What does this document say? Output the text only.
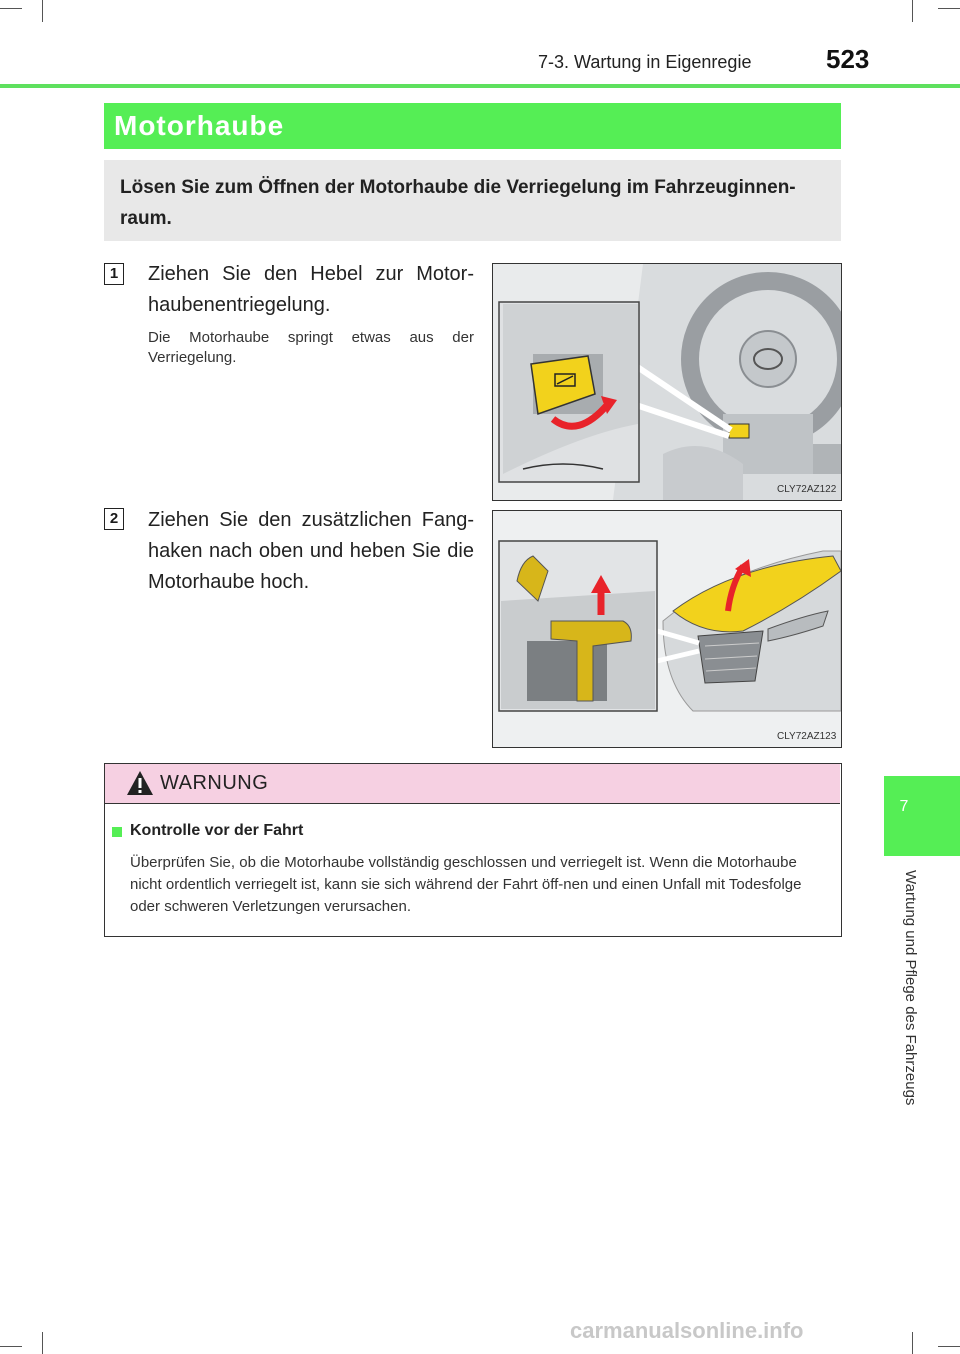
7-3. Wartung in Eigenregie	523
Motorhaube
Lösen Sie zum Öffnen der Motorhaube die Verriegelung im Fahrzeuginnen-raum.
1 Ziehen Sie den Hebel zur Motor-haubenentriegelung.
Die Motorhaube springt etwas aus der Verriegelung.
CLY72AZ122
2 Ziehen Sie den zusätzlichen Fang-haken nach oben und heben Sie die Motorhaube hoch.
CLY72AZ123
WARNUNG
Kontrolle vor der Fahrt
Überprüfen Sie, ob die Motorhaube vollständig geschlossen und verriegelt ist. Wenn die Motorhaube nicht ordentlich verriegelt ist, kann sie sich während der Fahrt öff-nen und einen Unfall mit Todesfolge oder schweren Verletzungen verursachen.
7
Wartung und Pflege des Fahrzeugs
carmanualsonline.info
